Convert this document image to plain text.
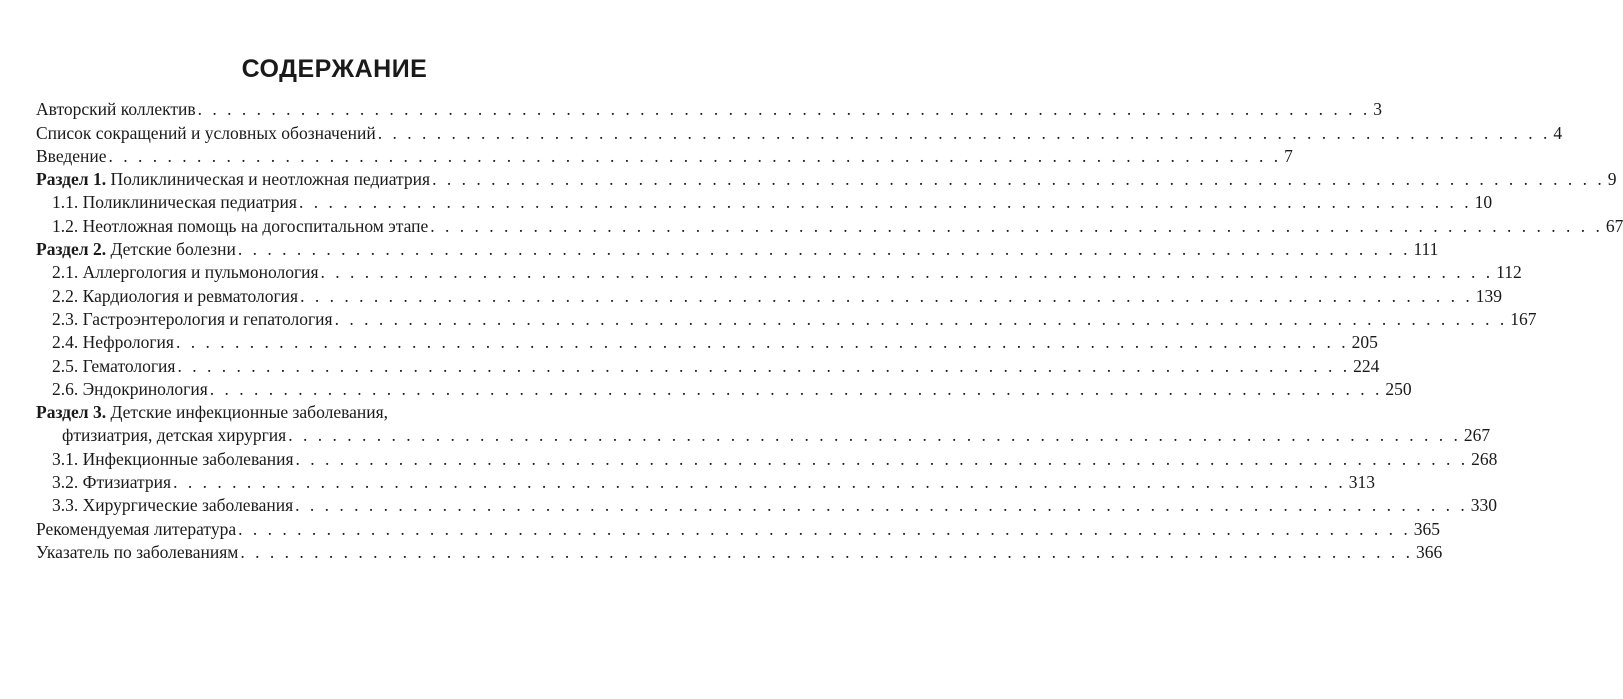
СОДЕРЖАНИЕ
Авторский коллектив . . . . . . . . . . . . . . . . . . . . . . . . . . . . . . . . . . . . . . . . . . . . . . . . . . . . . . . . . . . . . . . . . . . . . . . . . . . . . . . . 3
Список сокращений и условных обозначений . . . . . . . . . . . . . . . . . . . . . . . . . . . . . . . . . . . . . . . . . . . . . . . . . . . . . . . . . . . . . . . . . . . . . . . . . . . . . . . . 4
Введение . . . . . . . . . . . . . . . . . . . . . . . . . . . . . . . . . . . . . . . . . . . . . . . . . . . . . . . . . . . . . . . . . . . . . . . . . . . . . . . . 7
Раздел 1. Поликлиническая и неотложная педиатрия . . . . . . . . . . . . . . . . . . . . . . . . . . . . . . . . . . . . . . . . . . . . . . . . . . . . . . . . . . . . . . . . . . . . . . . . . . . . . . . . 9
1.1. Поликлиническая педиатрия . . . . . . . . . . . . . . . . . . . . . . . . . . . . . . . . . . . . . . . . . . . . . . . . . . . . . . . . . . . . . . . . . . . . . . . . . . . . . . . . 10
1.2. Неотложная помощь на догоспитальном этапе . . . . . . . . . . . . . . . . . . . . . . . . . . . . . . . . . . . . . . . . . . . . . . . . . . . . . . . . . . . . . . . . . . . . . . . . . . . . . . . . 67
Раздел 2. Детские болезни . . . . . . . . . . . . . . . . . . . . . . . . . . . . . . . . . . . . . . . . . . . . . . . . . . . . . . . . . . . . . . . . . . . . . . . . . . . . . . . . 111
2.1. Аллергология и пульмонология . . . . . . . . . . . . . . . . . . . . . . . . . . . . . . . . . . . . . . . . . . . . . . . . . . . . . . . . . . . . . . . . . . . . . . . . . . . . . . . . 112
2.2. Кардиология и ревматология . . . . . . . . . . . . . . . . . . . . . . . . . . . . . . . . . . . . . . . . . . . . . . . . . . . . . . . . . . . . . . . . . . . . . . . . . . . . . . . . 139
2.3. Гастроэнтерология и гепатология . . . . . . . . . . . . . . . . . . . . . . . . . . . . . . . . . . . . . . . . . . . . . . . . . . . . . . . . . . . . . . . . . . . . . . . . . . . . . . . . 167
2.4. Нефрология . . . . . . . . . . . . . . . . . . . . . . . . . . . . . . . . . . . . . . . . . . . . . . . . . . . . . . . . . . . . . . . . . . . . . . . . . . . . . . . . 205
2.5. Гематология . . . . . . . . . . . . . . . . . . . . . . . . . . . . . . . . . . . . . . . . . . . . . . . . . . . . . . . . . . . . . . . . . . . . . . . . . . . . . . . . 224
2.6. Эндокринология . . . . . . . . . . . . . . . . . . . . . . . . . . . . . . . . . . . . . . . . . . . . . . . . . . . . . . . . . . . . . . . . . . . . . . . . . . . . . . . . 250
Раздел 3. Детские инфекционные заболевания,
фтизиатрия, детская хирургия . . . . . . . . . . . . . . . . . . . . . . . . . . . . . . . . . . . . . . . . . . . . . . . . . . . . . . . . . . . . . . . . . . . . . . . . . . . . . . . . 267
3.1. Инфекционные заболевания . . . . . . . . . . . . . . . . . . . . . . . . . . . . . . . . . . . . . . . . . . . . . . . . . . . . . . . . . . . . . . . . . . . . . . . . . . . . . . . . 268
3.2. Фтизиатрия . . . . . . . . . . . . . . . . . . . . . . . . . . . . . . . . . . . . . . . . . . . . . . . . . . . . . . . . . . . . . . . . . . . . . . . . . . . . . . . . 313
3.3. Хирургические заболевания . . . . . . . . . . . . . . . . . . . . . . . . . . . . . . . . . . . . . . . . . . . . . . . . . . . . . . . . . . . . . . . . . . . . . . . . . . . . . . . . 330
Рекомендуемая литература . . . . . . . . . . . . . . . . . . . . . . . . . . . . . . . . . . . . . . . . . . . . . . . . . . . . . . . . . . . . . . . . . . . . . . . . . . . . . . . . 365
Указатель по заболеваниям . . . . . . . . . . . . . . . . . . . . . . . . . . . . . . . . . . . . . . . . . . . . . . . . . . . . . . . . . . . . . . . . . . . . . . . . . . . . . . . . 366
